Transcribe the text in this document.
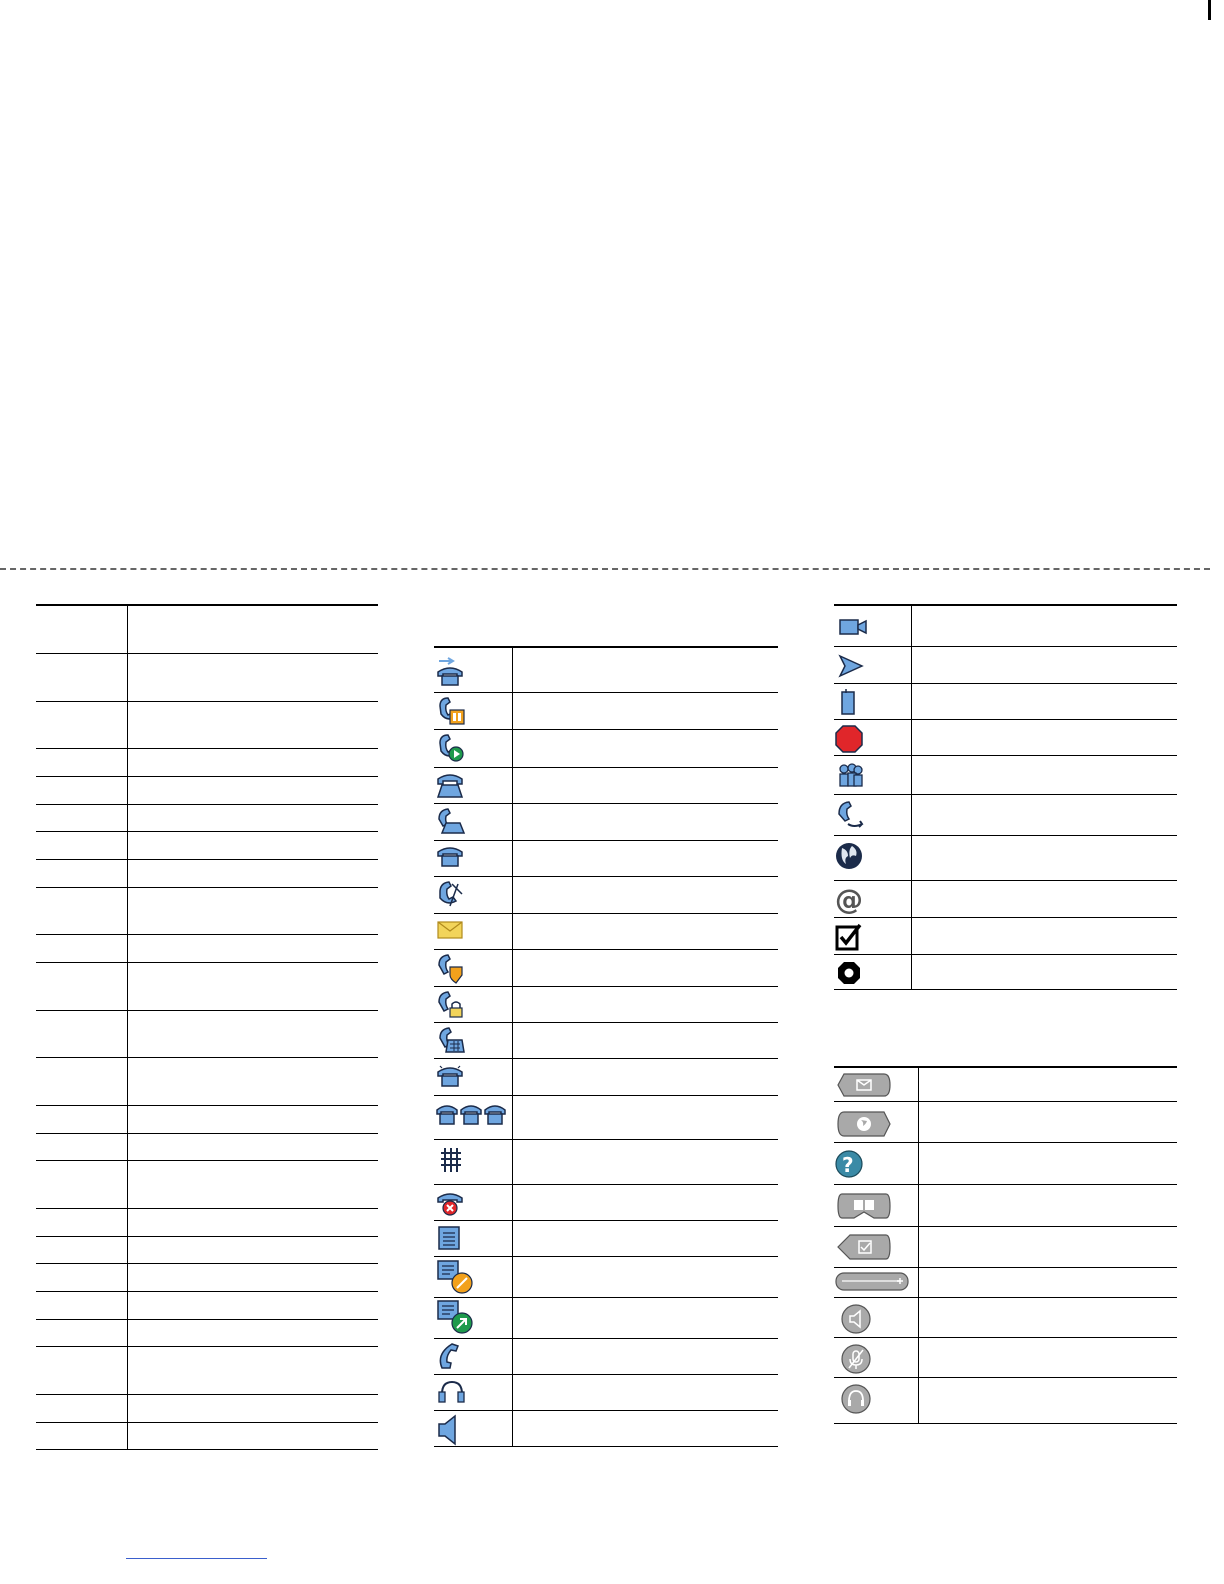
@
?
